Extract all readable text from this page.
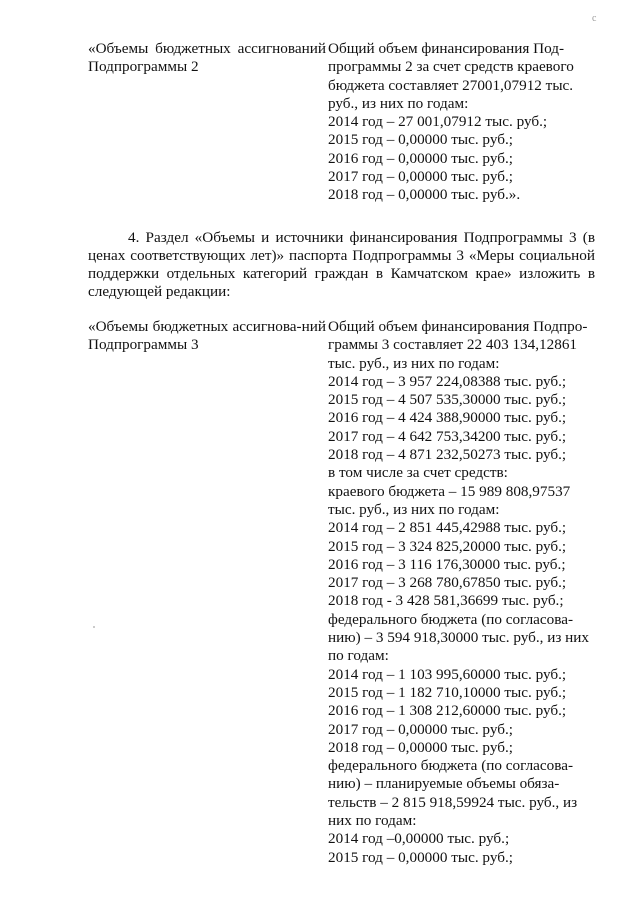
с
«Объемы бюджетных ассигнований Подпрограммы 2
Общий объем финансирования Под-
программы 2 за счет средств краевого
бюджета составляет 27001,07912 тыс.
руб., из них по годам:
2014 год – 27 001,07912 тыс. руб.;
2015 год – 0,00000 тыс. руб.;
2016 год – 0,00000 тыс. руб.;
2017 год – 0,00000 тыс. руб.;
2018 год – 0,00000 тыс. руб.».
4. Раздел «Объемы и источники финансирования Подпрограммы 3 (в ценах соответствующих лет)» паспорта Подпрограммы 3 «Меры социальной поддержки отдельных категорий граждан в Камчатском крае» изложить в следующей редакции:
«Объемы бюджетных ассигнова-ний Подпрограммы 3
Общий объем финансирования Подпро-
граммы 3 составляет 22 403 134,12861
тыс. руб., из них по годам:
2014 год – 3 957 224,08388 тыс. руб.;
2015 год – 4 507 535,30000 тыс. руб.;
2016 год – 4 424 388,90000 тыс. руб.;
2017 год – 4 642 753,34200 тыс. руб.;
2018 год – 4 871 232,50273 тыс. руб.;
в том числе за счет средств:
краевого бюджета – 15 989 808,97537
тыс. руб., из них по годам:
2014 год – 2 851 445,42988 тыс. руб.;
2015 год – 3 324 825,20000 тыс. руб.;
2016 год – 3 116 176,30000 тыс. руб.;
2017 год – 3 268 780,67850 тыс. руб.;
2018 год - 3 428 581,36699 тыс. руб.;
федерального бюджета (по согласова-
нию) – 3 594 918,30000 тыс. руб., из них
по годам:
2014 год – 1 103 995,60000 тыс. руб.;
2015 год – 1 182 710,10000 тыс. руб.;
2016 год – 1 308 212,60000 тыс. руб.;
2017 год – 0,00000 тыс. руб.;
2018 год – 0,00000 тыс. руб.;
федерального бюджета (по согласова-
нию) – планируемые объемы обяза-
тельств – 2 815 918,59924 тыс. руб., из
них по годам:
2014 год –0,00000 тыс. руб.;
2015 год – 0,00000 тыс. руб.;
